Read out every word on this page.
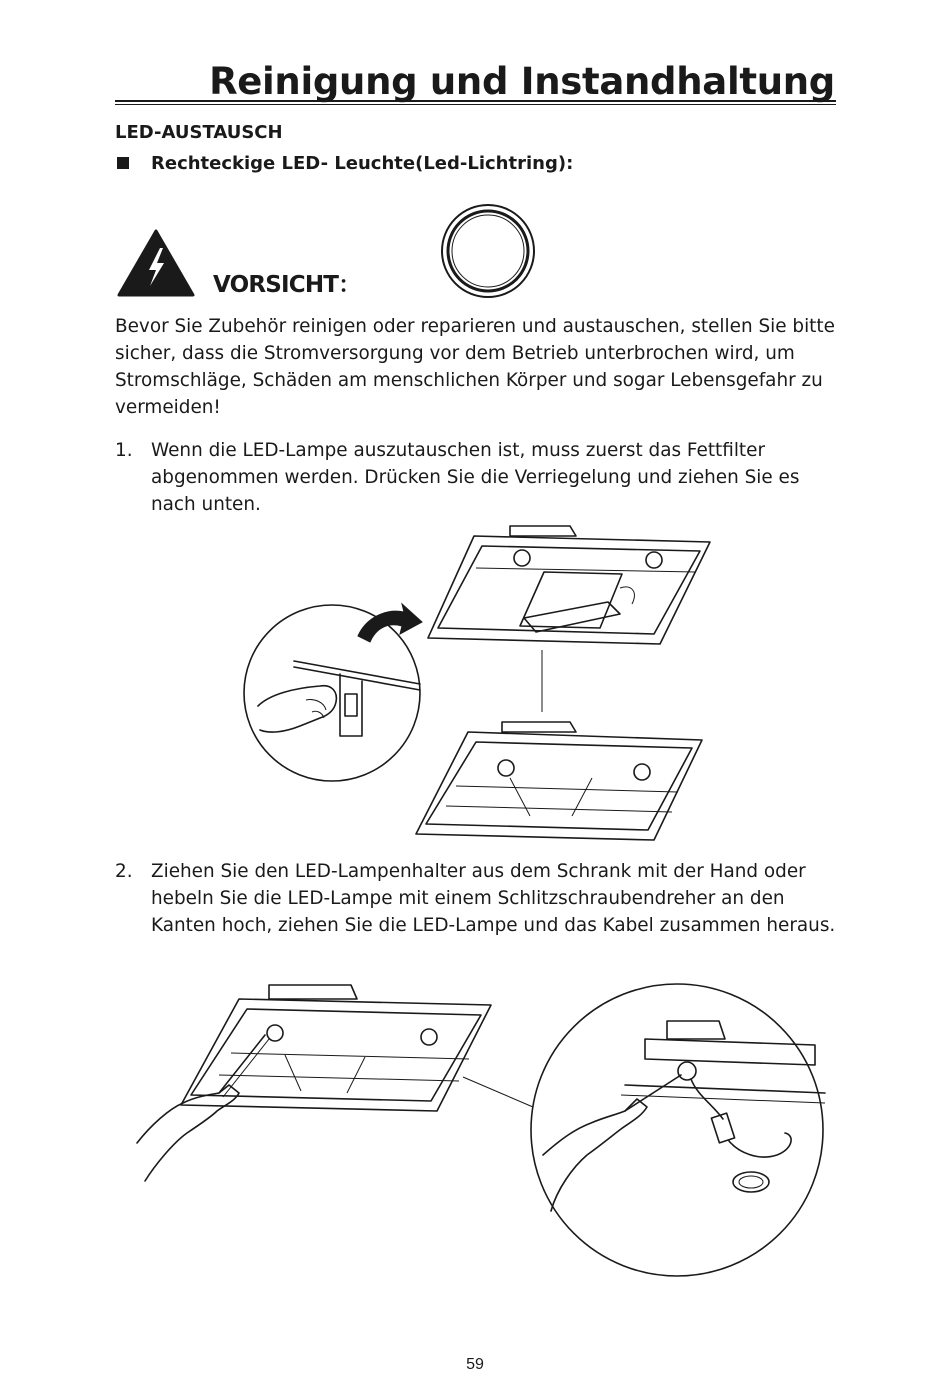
Reinigung und Instandhaltung

LED-AUSTAUSCH

Rechteckige LED- Leuchte(Led-Lichtring):

VORSICHT：

Bevor Sie Zubehör reinigen oder reparieren und austauschen, stellen Sie bitte sicher, dass die Stromversorgung vor dem Betrieb unterbrochen wird, um Stromschläge, Schäden am menschlichen Körper und sogar Lebensgefahr zu vermeiden!

1. Wenn die LED-Lampe auszutauschen ist, muss zuerst das Fettfilter abgenommen werden. Drücken Sie die Verriegelung und ziehen Sie es nach unten.

2. Ziehen Sie den LED-Lampenhalter aus dem Schrank mit der Hand oder hebeln Sie die LED-Lampe mit einem Schlitzschraubendreher an den Kanten hoch, ziehen Sie die LED-Lampe und das Kabel zusammen heraus.

59
